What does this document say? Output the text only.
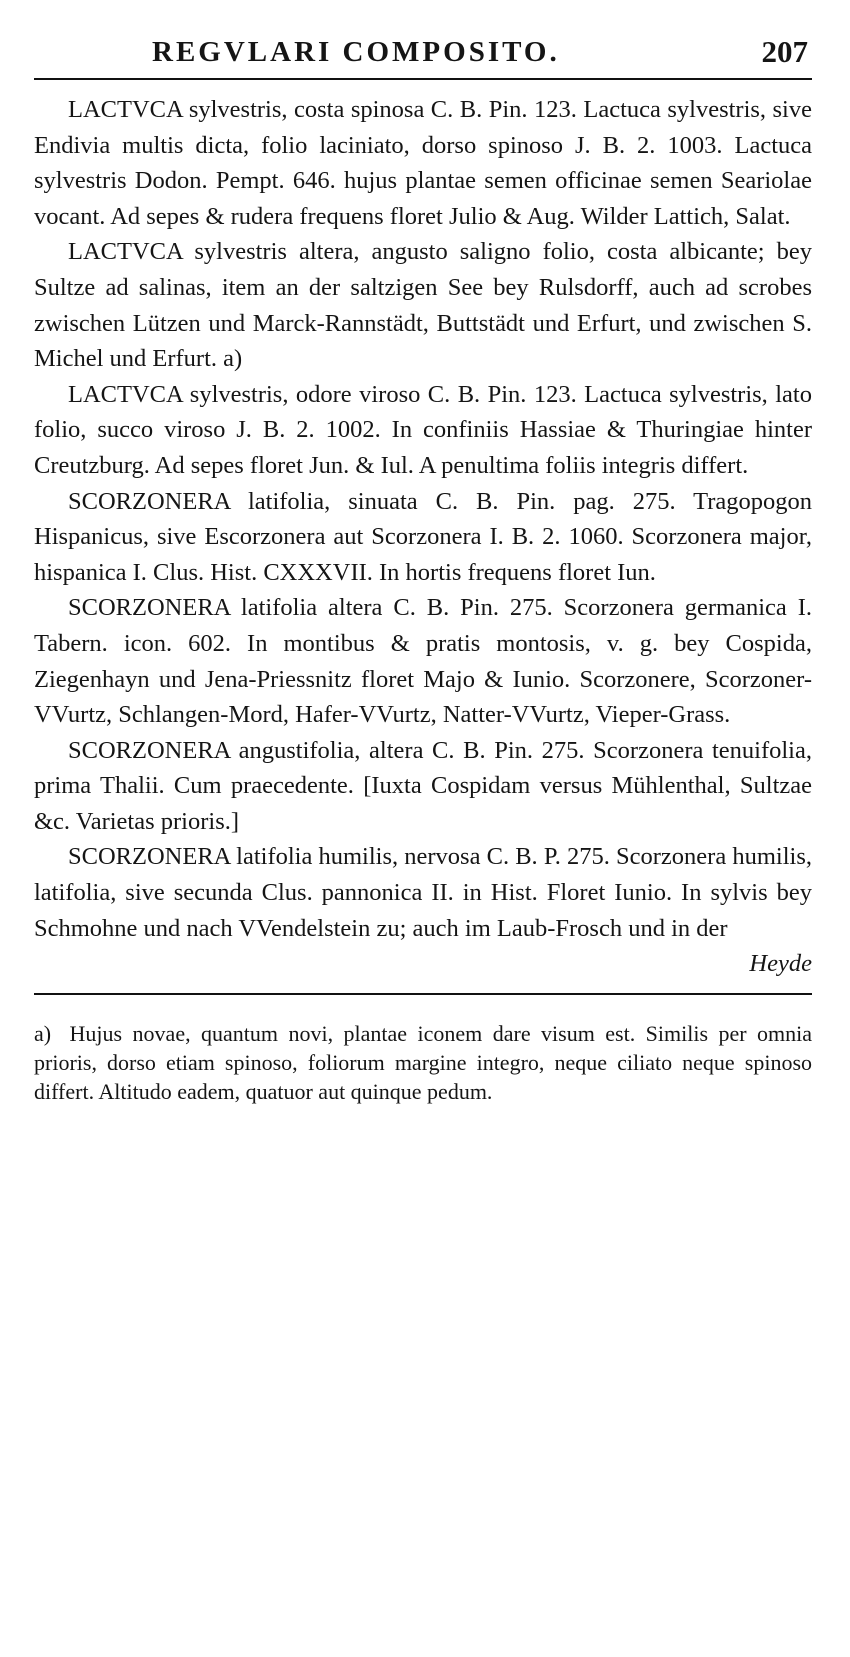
REGVLARI COMPOSITO.	207

LACTVCA sylvestris, costa spinosa C. B. Pin. 123. Lactuca sylvestris, sive Endivia multis dicta, folio laciniato, dorso spinoso J. B. 2. 1003. Lactuca sylvestris Dodon. Pempt. 646. hujus plantae semen officinae semen Seariolae vocant. Ad sepes & rudera frequens floret Julio & Aug. Wilder Lattich, Salat.

LACTVCA sylvestris altera, angusto saligno folio, costa albicante; bey Sultze ad salinas, item an der saltzigen See bey Rulsdorff, auch ad scrobes zwischen Lützen und Marck-Rannstädt, Buttstädt und Erfurt, und zwischen S. Michel und Erfurt. a)

LACTVCA sylvestris, odore viroso C. B. Pin. 123. Lactuca sylvestris, lato folio, succo viroso J. B. 2. 1002. In confiniis Hassiae & Thuringiae hinter Creutzburg. Ad sepes floret Jun. & Iul. A penultima foliis integris differt.

SCORZONERA latifolia, sinuata C. B. Pin. pag. 275. Tragopogon Hispanicus, sive Escorzonera aut Scorzonera I. B. 2. 1060. Scorzonera major, hispanica I. Clus. Hist. CXXXVII. In hortis frequens floret Iun.

SCORZONERA latifolia altera C. B. Pin. 275. Scorzonera germanica I. Tabern. icon. 602. In montibus & pratis montosis, v. g. bey Cospida, Ziegenhayn und Jena-Priessnitz floret Majo & Iunio. Scorzonere, Scorzoner-VVurtz, Schlangen-Mord, Hafer-VVurtz, Natter-VVurtz, Vieper-Grass.

SCORZONERA angustifolia, altera C. B. Pin. 275. Scorzonera tenuifolia, prima Thalii. Cum praecedente. [Iuxta Cospidam versus Mühlenthal, Sultzae &c. Varietas prioris.]

SCORZONERA latifolia humilis, nervosa C. B. P. 275. Scorzonera humilis, latifolia, sive secunda Clus. pannonica II. in Hist. Floret Iunio. In sylvis bey Schmohne und nach VVendelstein zu; auch im Laub-Frosch und in der

Heyde

a) Hujus novae, quantum novi, plantae iconem dare visum est. Similis per omnia prioris, dorso etiam spinoso, foliorum margine integro, neque ciliato neque spinoso differt. Altitudo eadem, quatuor aut quinque pedum.
